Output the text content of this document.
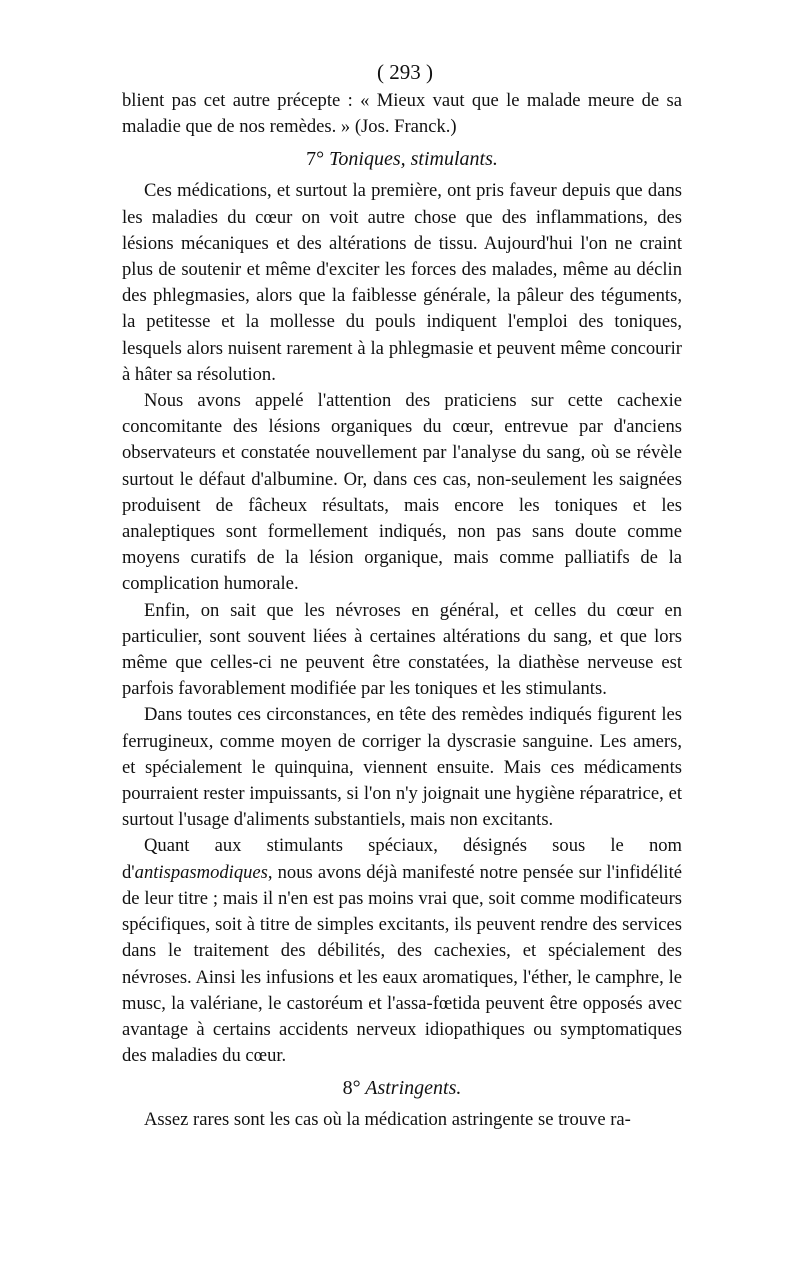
( 293 )

blient pas cet autre précepte : « Mieux vaut que le malade meure de sa maladie que de nos remèdes. » (Jos. Franck.)

7° Toniques, stimulants.

Ces médications, et surtout la première, ont pris faveur depuis que dans les maladies du cœur on voit autre chose que des inflammations, des lésions mécaniques et des altérations de tissu. Aujourd'hui l'on ne craint plus de soutenir et même d'exciter les forces des malades, même au déclin des phlegmasies, alors que la faiblesse générale, la pâleur des téguments, la petitesse et la mollesse du pouls indiquent l'emploi des toniques, lesquels alors nuisent rarement à la phlegmasie et peuvent même concourir à hâter sa résolution.

Nous avons appelé l'attention des praticiens sur cette cachexie concomitante des lésions organiques du cœur, entrevue par d'anciens observateurs et constatée nouvellement par l'analyse du sang, où se révèle surtout le défaut d'albumine. Or, dans ces cas, non-seulement les saignées produisent de fâcheux résultats, mais encore les toniques et les analeptiques sont formellement indiqués, non pas sans doute comme moyens curatifs de la lésion organique, mais comme palliatifs de la complication humorale.

Enfin, on sait que les névroses en général, et celles du cœur en particulier, sont souvent liées à certaines altérations du sang, et que lors même que celles-ci ne peuvent être constatées, la diathèse nerveuse est parfois favorablement modifiée par les toniques et les stimulants.

Dans toutes ces circonstances, en tête des remèdes indiqués figurent les ferrugineux, comme moyen de corriger la dyscrasie sanguine. Les amers, et spécialement le quinquina, viennent ensuite. Mais ces médicaments pourraient rester impuissants, si l'on n'y joignait une hygiène réparatrice, et surtout l'usage d'aliments substantiels, mais non excitants.

Quant aux stimulants spéciaux, désignés sous le nom d'antispasmodiques, nous avons déjà manifesté notre pensée sur l'infidélité de leur titre ; mais il n'en est pas moins vrai que, soit comme modificateurs spécifiques, soit à titre de simples excitants, ils peuvent rendre des services dans le traitement des débilités, des cachexies, et spécialement des névroses. Ainsi les infusions et les eaux aromatiques, l'éther, le camphre, le musc, la valériane, le castoréum et l'assa-fœtida peuvent être opposés avec avantage à certains accidents nerveux idiopathiques ou symptomatiques des maladies du cœur.

8° Astringents.

Assez rares sont les cas où la médication astringente se trouve ra-
